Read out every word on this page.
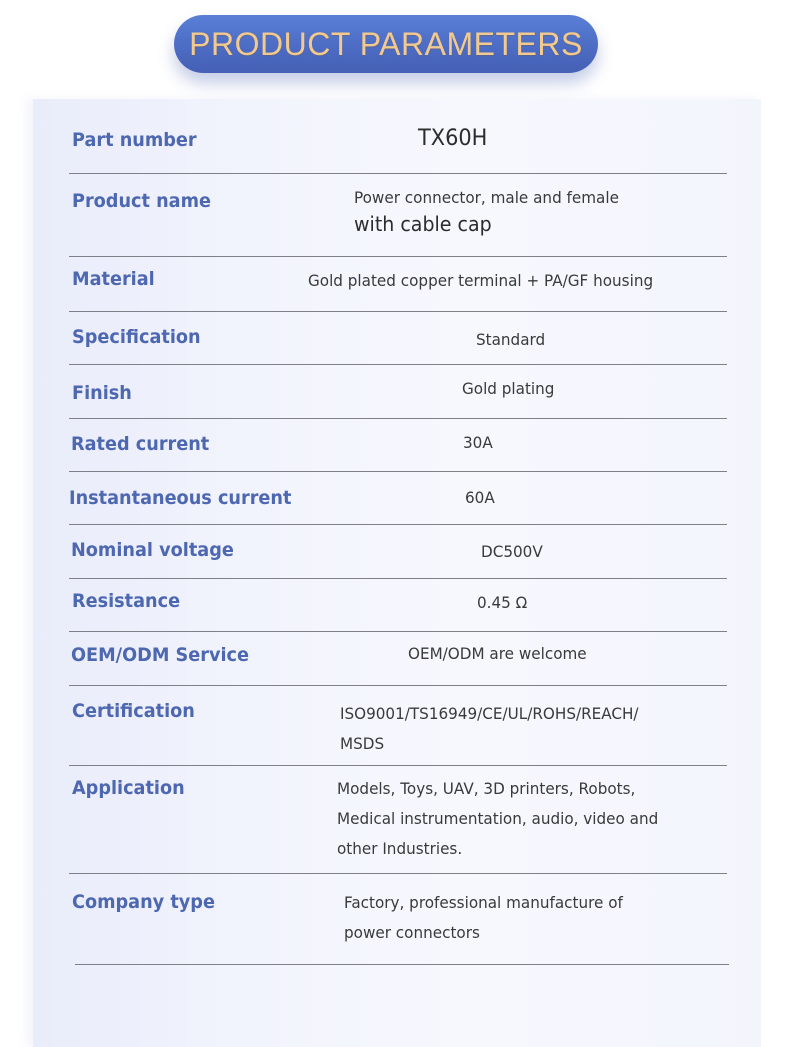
PRODUCT PARAMETERS
Part number	TX60H
Product name	Power connector, male and female
with cable cap
Material	Gold plated copper terminal + PA/GF housing
Specification	Standard
Finish	Gold plating
Rated current	30A
Instantaneous current	60A
Nominal voltage	DC500V
Resistance	0.45 Ω
OEM/ODM Service	OEM/ODM are welcome
Certification	ISO9001/TS16949/CE/UL/ROHS/REACH/
MSDS
Application	Models, Toys, UAV, 3D printers, Robots,
Medical instrumentation, audio, video and
other Industries.
Company type	Factory, professional manufacture of
power connectors
